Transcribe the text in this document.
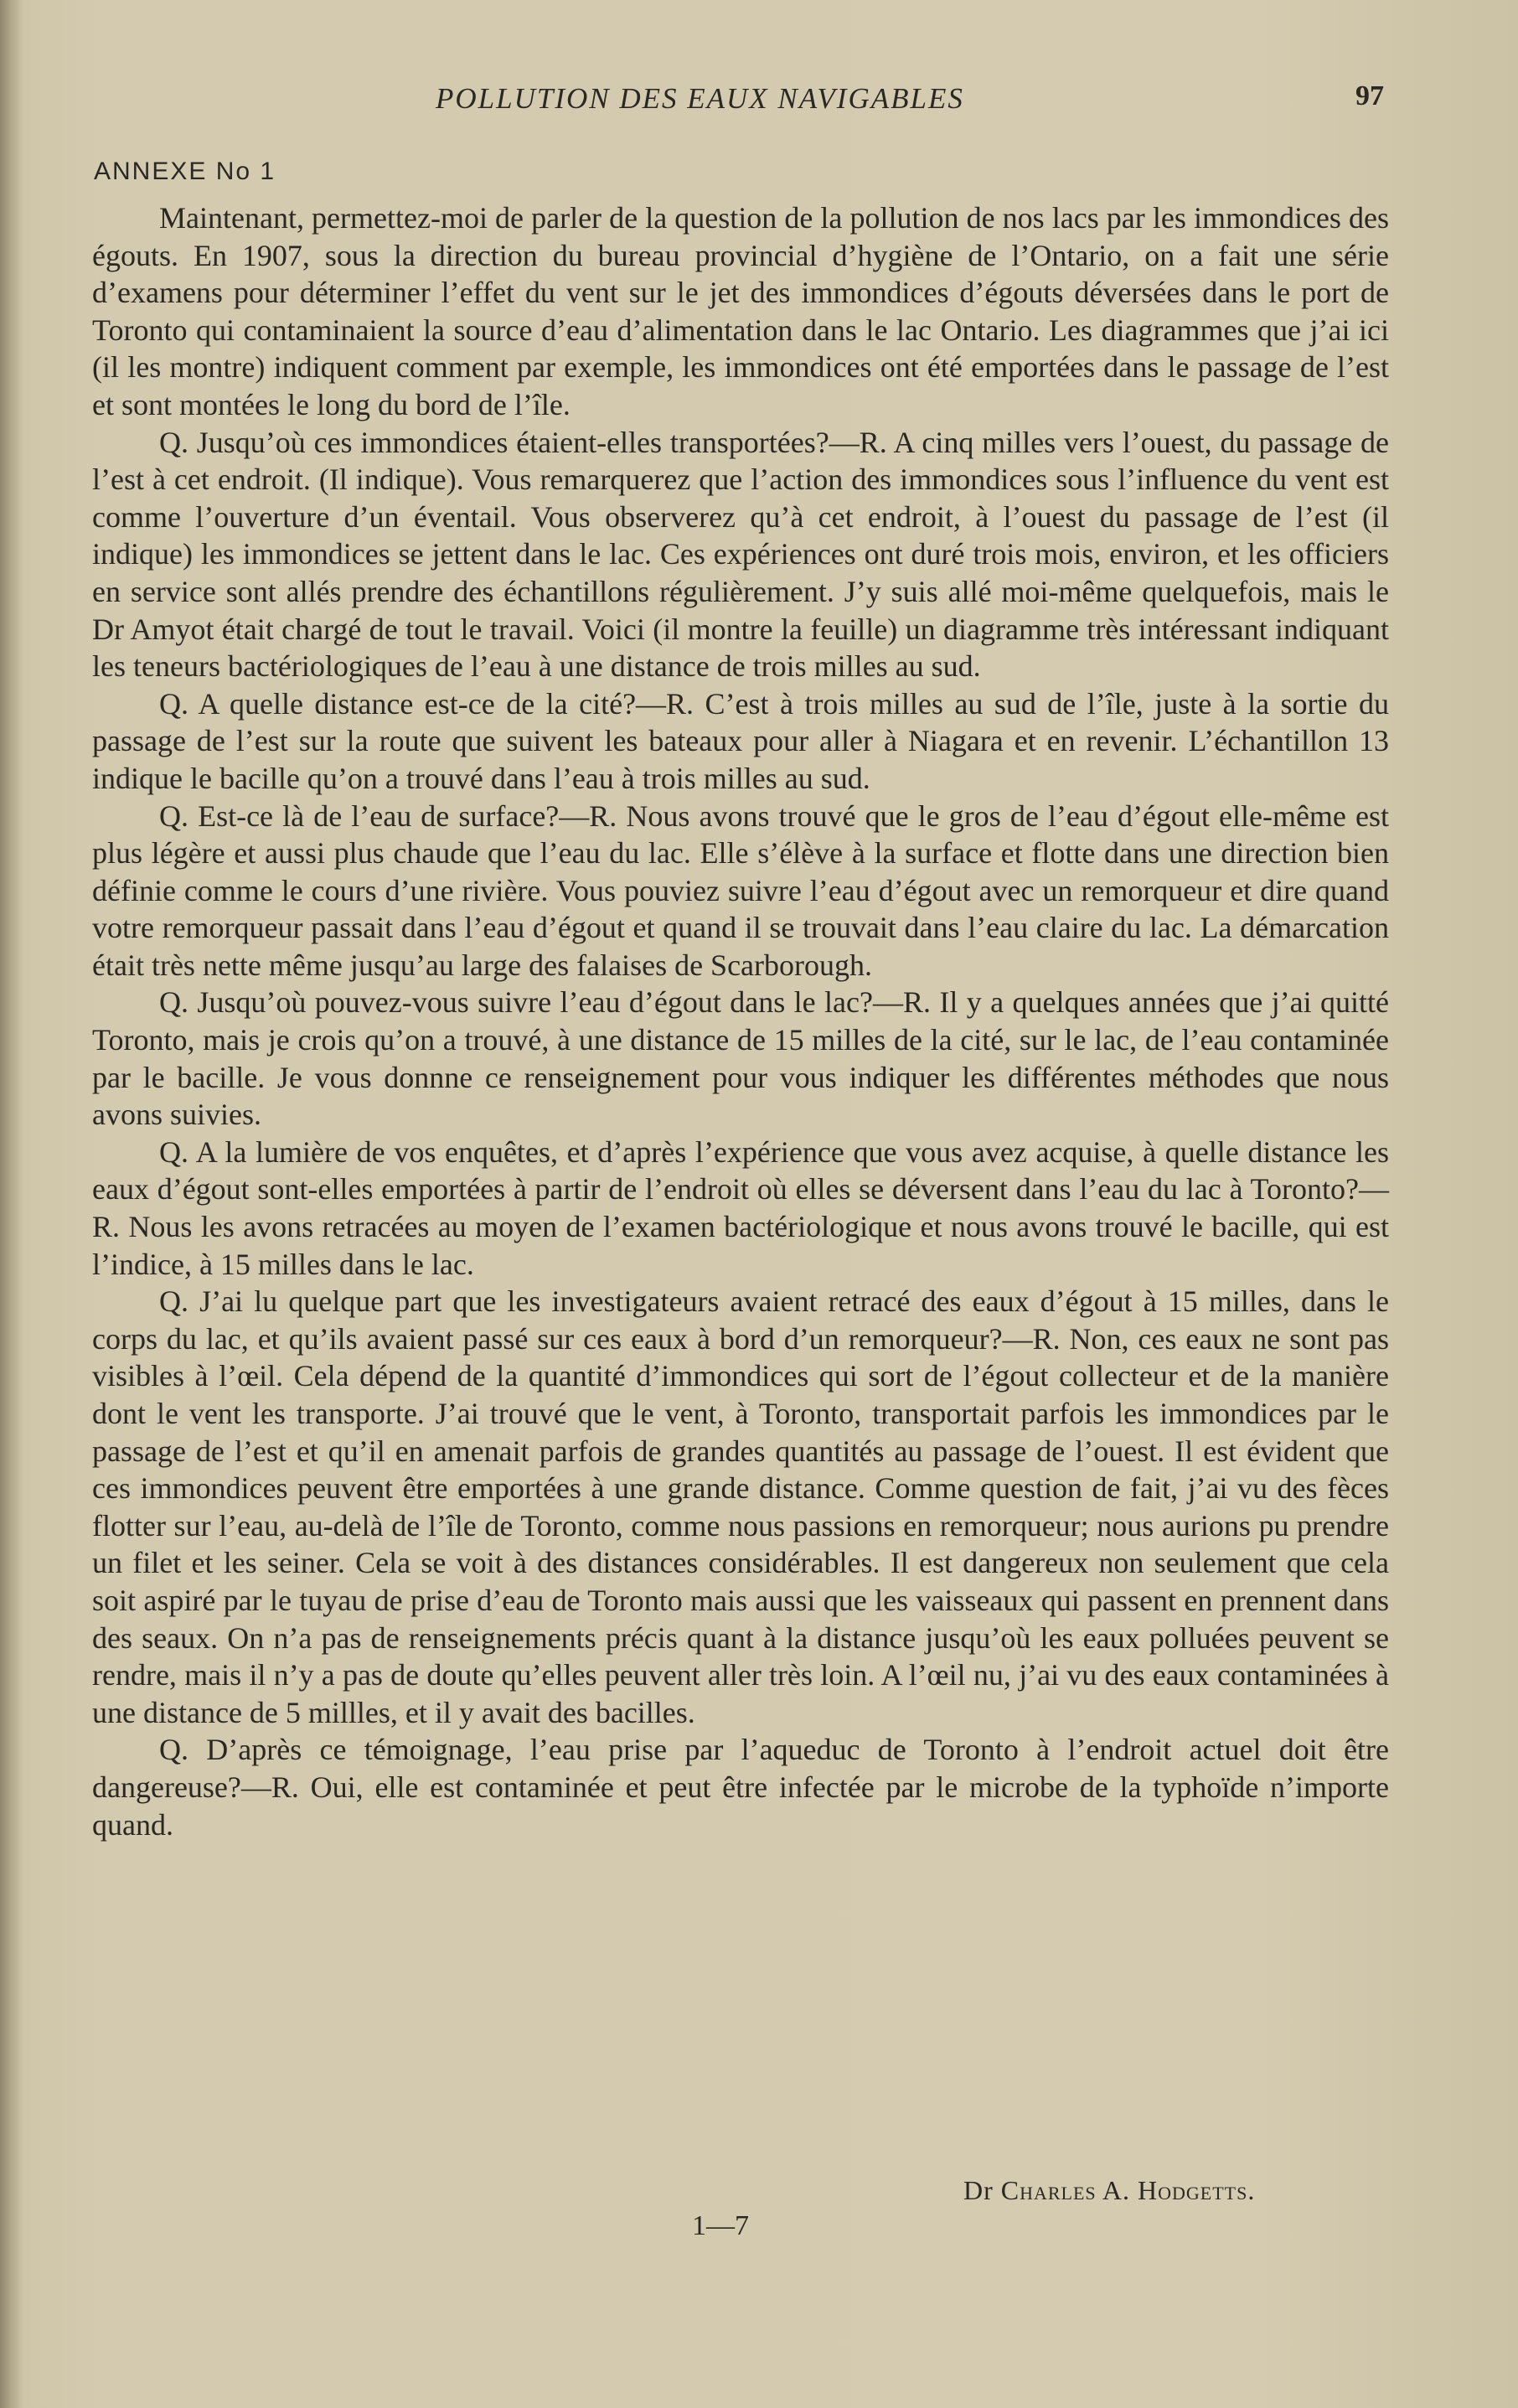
POLLUTION DES EAUX NAVIGABLES	97
ANNEXE No 1

Maintenant, permettez-moi de parler de la question de la pollution de nos lacs par les immondices des égouts. En 1907, sous la direction du bureau provincial d’hygiène de l’Ontario, on a fait une série d’examens pour déterminer l’effet du vent sur le jet des immondices d’égouts déversées dans le port de Toronto qui contaminaient la source d’eau d’alimentation dans le lac Ontario. Les diagrammes que j’ai ici (il les montre) indiquent comment par exemple, les immondices ont été emportées dans le passage de l’est et sont montées le long du bord de l’île.

Q. Jusqu’où ces immondices étaient-elles transportées?—R. A cinq milles vers l’ouest, du passage de l’est à cet endroit. (Il indique). Vous remarquerez que l’action des immondices sous l’influence du vent est comme l’ouverture d’un éventail. Vous observerez qu’à cet endroit, à l’ouest du passage de l’est (il indique) les immondices se jettent dans le lac. Ces expériences ont duré trois mois, environ, et les officiers en service sont allés prendre des échantillons régulièrement. J’y suis allé moi-même quelquefois, mais le Dr Amyot était chargé de tout le travail. Voici (il montre la feuille) un diagramme très intéressant indiquant les teneurs bactériologiques de l’eau à une distance de trois milles au sud.

Q. A quelle distance est-ce de la cité?—R. C’est à trois milles au sud de l’île, juste à la sortie du passage de l’est sur la route que suivent les bateaux pour aller à Niagara et en revenir. L’échantillon 13 indique le bacille qu’on a trouvé dans l’eau à trois milles au sud.

Q. Est-ce là de l’eau de surface?—R. Nous avons trouvé que le gros de l’eau d’égout elle-même est plus légère et aussi plus chaude que l’eau du lac. Elle s’élève à la surface et flotte dans une direction bien définie comme le cours d’une rivière. Vous pouviez suivre l’eau d’égout avec un remorqueur et dire quand votre remorqueur passait dans l’eau d’égout et quand il se trouvait dans l’eau claire du lac. La démarcation était très nette même jusqu’au large des falaises de Scarborough.

Q. Jusqu’où pouvez-vous suivre l’eau d’égout dans le lac?—R. Il y a quelques années que j’ai quitté Toronto, mais je crois qu’on a trouvé, à une distance de 15 milles de la cité, sur le lac, de l’eau contaminée par le bacille. Je vous donnne ce renseignement pour vous indiquer les différentes méthodes que nous avons suivies.

Q. A la lumière de vos enquêtes, et d’après l’expérience que vous avez acquise, à quelle distance les eaux d’égout sont-elles emportées à partir de l’endroit où elles se déversent dans l’eau du lac à Toronto?—R. Nous les avons retracées au moyen de l’examen bactériologique et nous avons trouvé le bacille, qui est l’indice, à 15 milles dans le lac.

Q. J’ai lu quelque part que les investigateurs avaient retracé des eaux d’égout à 15 milles, dans le corps du lac, et qu’ils avaient passé sur ces eaux à bord d’un remorqueur?—R. Non, ces eaux ne sont pas visibles à l’œil. Cela dépend de la quantité d’immondices qui sort de l’égout collecteur et de la manière dont le vent les transporte. J’ai trouvé que le vent, à Toronto, transportait parfois les immondices par le passage de l’est et qu’il en amenait parfois de grandes quantités au passage de l’ouest. Il est évident que ces immondices peuvent être emportées à une grande distance. Comme question de fait, j’ai vu des fèces flotter sur l’eau, au-delà de l’île de Toronto, comme nous passions en remorqueur; nous aurions pu prendre un filet et les seiner. Cela se voit à des distances considérables. Il est dangereux non seulement que cela soit aspiré par le tuyau de prise d’eau de Toronto mais aussi que les vaisseaux qui passent en prennent dans des seaux. On n’a pas de renseignements précis quant à la distance jusqu’où les eaux polluées peuvent se rendre, mais il n’y a pas de doute qu’elles peuvent aller très loin. A l’œil nu, j’ai vu des eaux contaminées à une distance de 5 millles, et il y avait des bacilles.

Q. D’après ce témoignage, l’eau prise par l’aqueduc de Toronto à l’endroit actuel doit être dangereuse?—R. Oui, elle est contaminée et peut être infectée par le microbe de la typhoïde n’importe quand.

Dr Charles A. Hodgetts.
1—7
